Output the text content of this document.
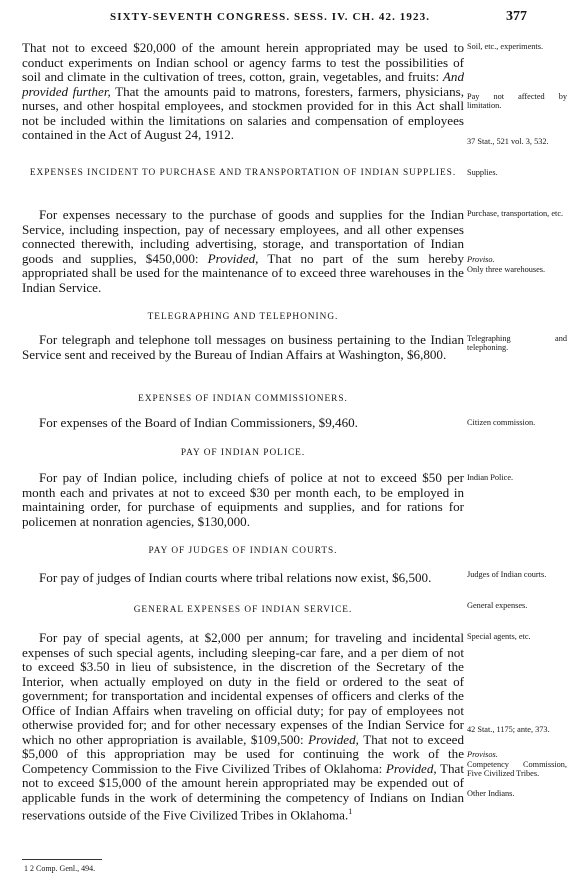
SIXTY-SEVENTH CONGRESS. SESS. IV. CH. 42. 1923.	377
That not to exceed $20,000 of the amount herein appropriated may be used to conduct experiments on Indian school or agency farms to test the possibilities of soil and climate in the cultivation of trees, cotton, grain, vegetables, and fruits: And provided further, That the amounts paid to matrons, foresters, farmers, physicians, nurses, and other hospital employees, and stockmen provided for in this Act shall not be included within the limitations on salaries and compensation of employees contained in the Act of August 24, 1912.
EXPENSES INCIDENT TO PURCHASE AND TRANSPORTATION OF INDIAN SUPPLIES.
For expenses necessary to the purchase of goods and supplies for the Indian Service, including inspection, pay of necessary employees, and all other expenses connected therewith, including advertising, storage, and transportation of Indian goods and supplies, $450,000: Provided, That no part of the sum hereby appropriated shall be used for the maintenance of to exceed three warehouses in the Indian Service.
TELEGRAPHING AND TELEPHONING.
For telegraph and telephone toll messages on business pertaining to the Indian Service sent and received by the Bureau of Indian Affairs at Washington, $6,800.
EXPENSES OF INDIAN COMMISSIONERS.
For expenses of the Board of Indian Commissioners, $9,460.
PAY OF INDIAN POLICE.
For pay of Indian police, including chiefs of police at not to exceed $50 per month each and privates at not to exceed $30 per month each, to be employed in maintaining order, for purchase of equipments and supplies, and for rations for policemen at nonration agencies, $130,000.
PAY OF JUDGES OF INDIAN COURTS.
For pay of judges of Indian courts where tribal relations now exist, $6,500.
GENERAL EXPENSES OF INDIAN SERVICE.
For pay of special agents, at $2,000 per annum; for traveling and incidental expenses of such special agents, including sleeping-car fare, and a per diem of not to exceed $3.50 in lieu of subsistence, in the discretion of the Secretary of the Interior, when actually employed on duty in the field or ordered to the seat of government; for transportation and incidental expenses of officers and clerks of the Office of Indian Affairs when traveling on official duty; for pay of employees not otherwise provided for; and for other necessary expenses of the Indian Service for which no other appropriation is available, $109,500: Provided, That not to exceed $5,000 of this appropriation may be used for continuing the work of the Competency Commission to the Five Civilized Tribes of Oklahoma: Provided, That not to exceed $15,000 of the amount herein appropriated may be expended out of applicable funds in the work of determining the competency of Indians on Indian reservations outside of the Five Civilized Tribes in Oklahoma.$^1$
Soil, etc., experiments.
Pay not affected by limitation.
37 Stat., 521 vol. 3, 532.
Supplies.
Purchase, transportation, etc.
Proviso.
Only three warehouses.
Telegraphing and telephoning.
Citizen commission.
Indian Police.
Judges of Indian courts.
General expenses.
Special agents, etc.
42 Stat., 1175; ante, 373.
Provisos.
Competency Commission, Five Civilized Tribes.
Other Indians.
1 2 Comp. Genl., 494.
